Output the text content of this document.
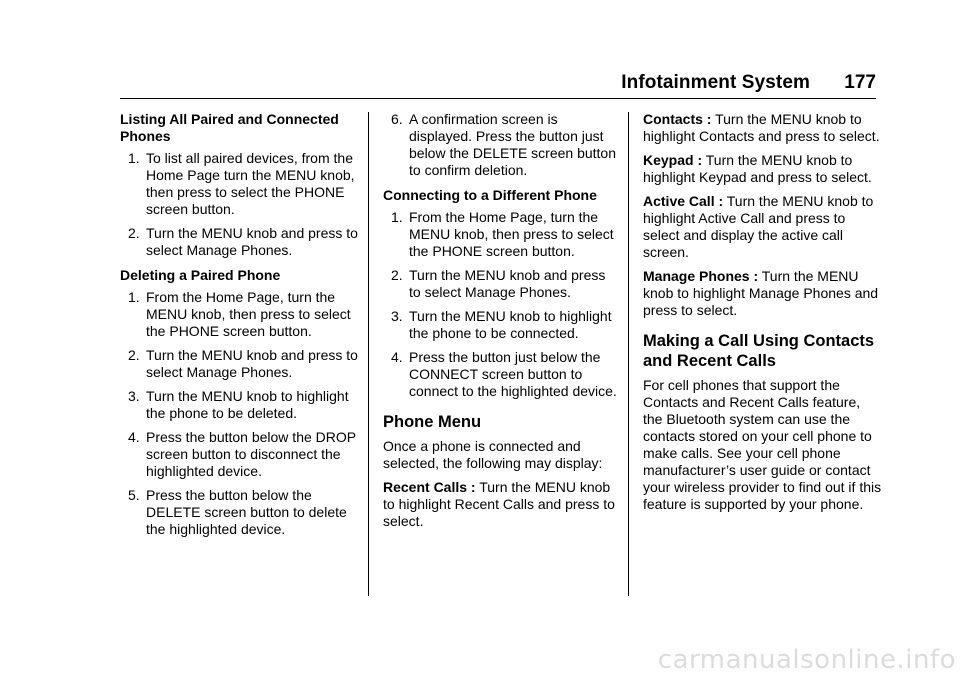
Infotainment System 177
Listing All Paired and Connected Phones
1. To list all paired devices, from the Home Page turn the MENU knob, then press to select the PHONE screen button.
2. Turn the MENU knob and press to select Manage Phones.
Deleting a Paired Phone
1. From the Home Page, turn the MENU knob, then press to select the PHONE screen button.
2. Turn the MENU knob and press to select Manage Phones.
3. Turn the MENU knob to highlight the phone to be deleted.
4. Press the button below the DROP screen button to disconnect the highlighted device.
5. Press the button below the DELETE screen button to delete the highlighted device.
6. A confirmation screen is displayed. Press the button just below the DELETE screen button to confirm deletion.
Connecting to a Different Phone
1. From the Home Page, turn the MENU knob, then press to select the PHONE screen button.
2. Turn the MENU knob and press to select Manage Phones.
3. Turn the MENU knob to highlight the phone to be connected.
4. Press the button just below the CONNECT screen button to connect to the highlighted device.
Phone Menu
Once a phone is connected and selected, the following may display:
Recent Calls : Turn the MENU knob to highlight Recent Calls and press to select.
Contacts : Turn the MENU knob to highlight Contacts and press to select.
Keypad : Turn the MENU knob to highlight Keypad and press to select.
Active Call : Turn the MENU knob to highlight Active Call and press to select and display the active call screen.
Manage Phones : Turn the MENU knob to highlight Manage Phones and press to select.
Making a Call Using Contacts and Recent Calls
For cell phones that support the Contacts and Recent Calls feature, the Bluetooth system can use the contacts stored on your cell phone to make calls. See your cell phone manufacturer’s user guide or contact your wireless provider to find out if this feature is supported by your phone.
carmanualsonline.info
